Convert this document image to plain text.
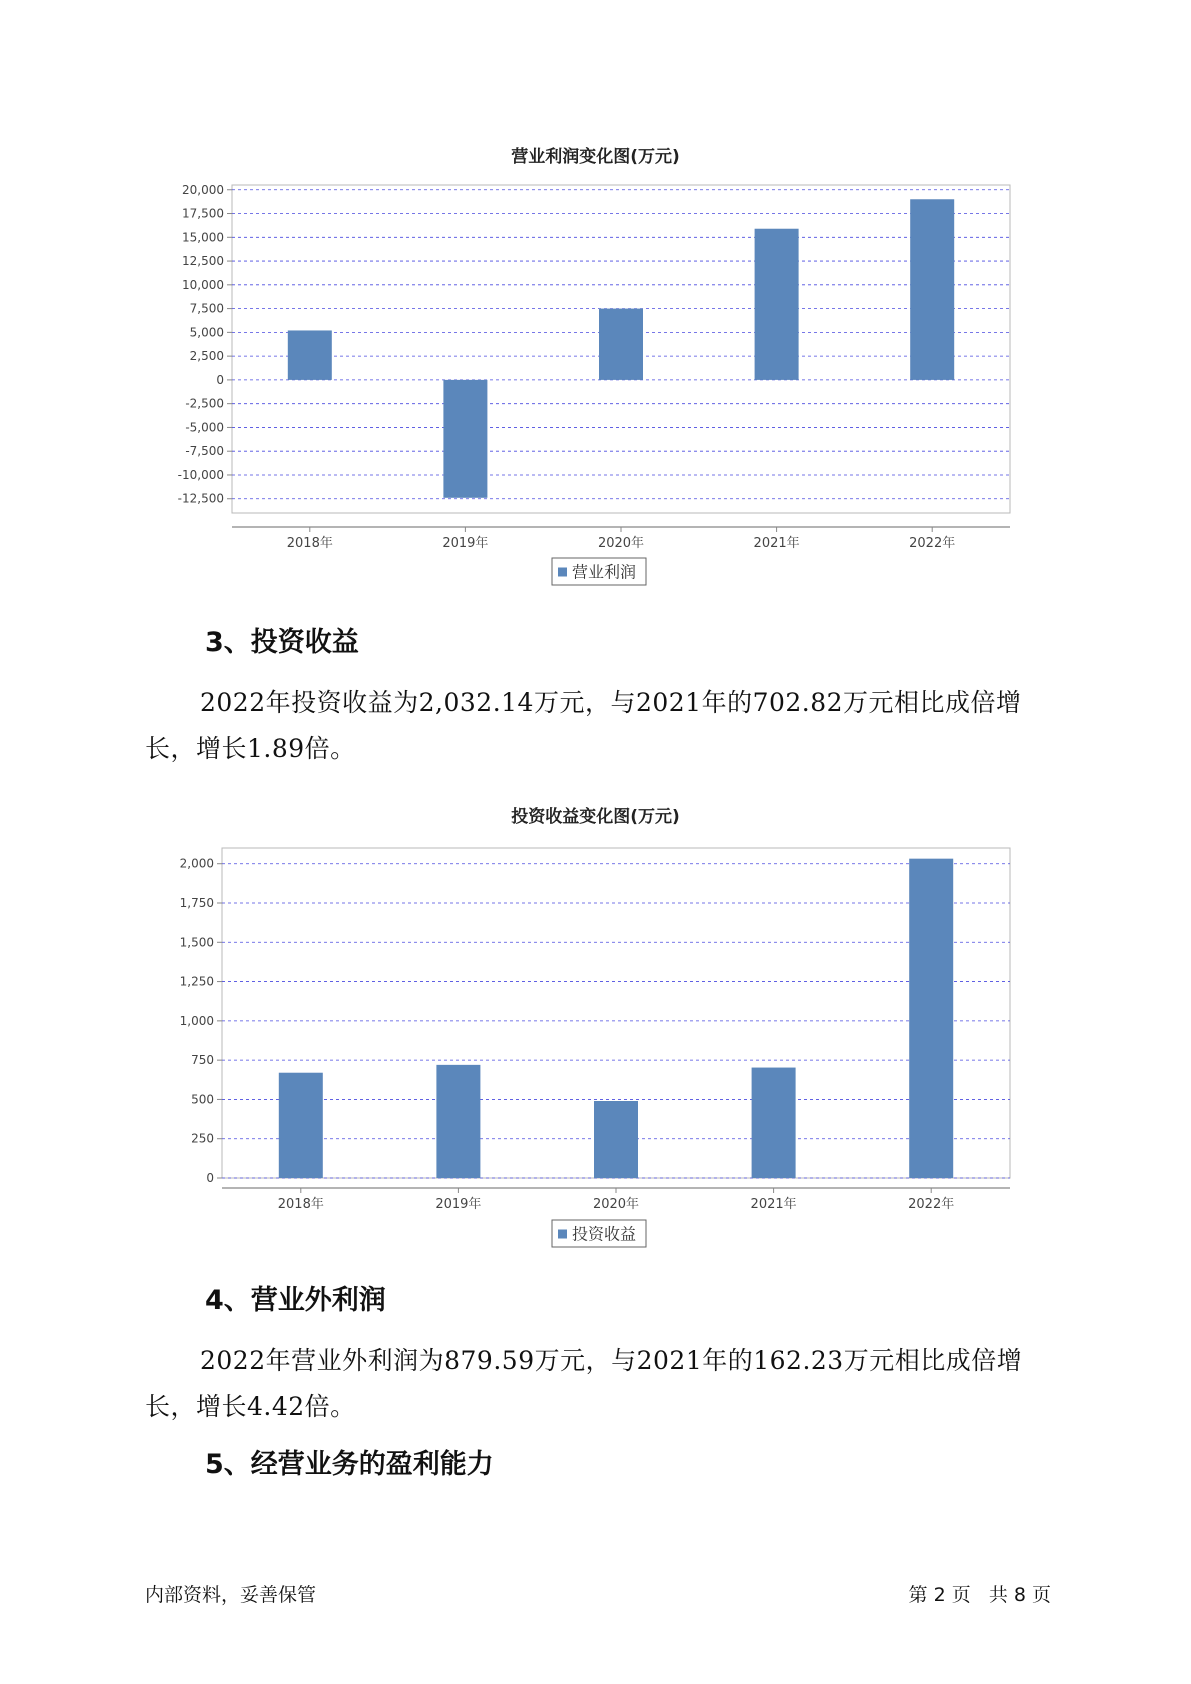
营业利润变化图(万元)
-12,500
-10,000
-7,500
-5,000
-2,500
0
2,500
5,000
7,500
10,000
12,500
15,000
17,500
20,000
2018年	2019年	2020年	2021年	2022年
营业利润
3、投资收益
2022年投资收益为2,032.14万元，与2021年的702.82万元相比成倍增长，增长1.89倍。
投资收益变化图(万元)
0
250
500
750
1,000
1,250
1,500
1,750
2,000
2018年	2019年	2020年	2021年	2022年
投资收益
4、营业外利润
2022年营业外利润为879.59万元，与2021年的162.23万元相比成倍增长，增长4.42倍。
5、经营业务的盈利能力
内部资料，妥善保管	第 2 页   共 8 页
